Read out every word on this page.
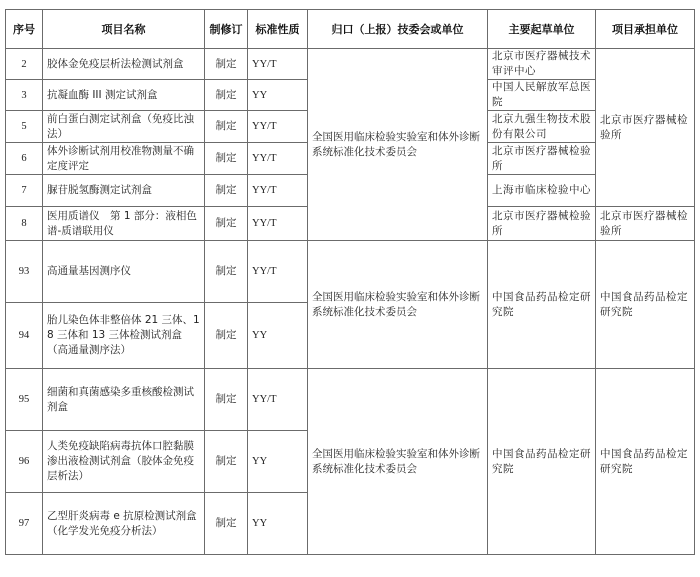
序号	项目名称	制修订	标准性质	归口（上报）技委会或单位	主要起草单位	项目承担单位
2	胶体金免疫层析法检测试剂盒	制定	YY/T	全国医用临床检验实验室和体外诊断系统标准化技术委员会	北京市医疗器械技术审评中心	北京市医疗器械检验所
3	抗凝血酶 III 测定试剂盒	制定	YY		中国人民解放军总医院	
5	前白蛋白测定试剂盒（免疫比浊法）	制定	YY/T		北京九强生物技术股份有限公司	
6	体外诊断试剂用校准物测量不确定度评定	制定	YY/T		北京市医疗器械检验所	
7	脲苷脱氢酶测定试剂盒	制定	YY/T		上海市临床检验中心	
8	医用质谱仪　第 1 部分：液相色谱-质谱联用仪	制定	YY/T		北京市医疗器械检验所	北京市医疗器械检验所
93	高通量基因测序仪	制定	YY/T	全国医用临床检验实验室和体外诊断系统标准化技术委员会	中国食品药品检定研究院	中国食品药品检定研究院
94	胎儿染色体非整倍体 21 三体、18 三体和 13 三体检测试剂盒（高通量测序法）	制定	YY			
95	细菌和真菌感染多重核酸检测试剂盒	制定	YY/T	全国医用临床检验实验室和体外诊断系统标准化技术委员会	中国食品药品检定研究院	中国食品药品检定研究院
96	人类免疫缺陷病毒抗体口腔黏膜渗出液检测试剂盒（胶体金免疫层析法）	制定	YY			
97	乙型肝炎病毒 e 抗原检测试剂盒（化学发光免疫分析法）	制定	YY			
